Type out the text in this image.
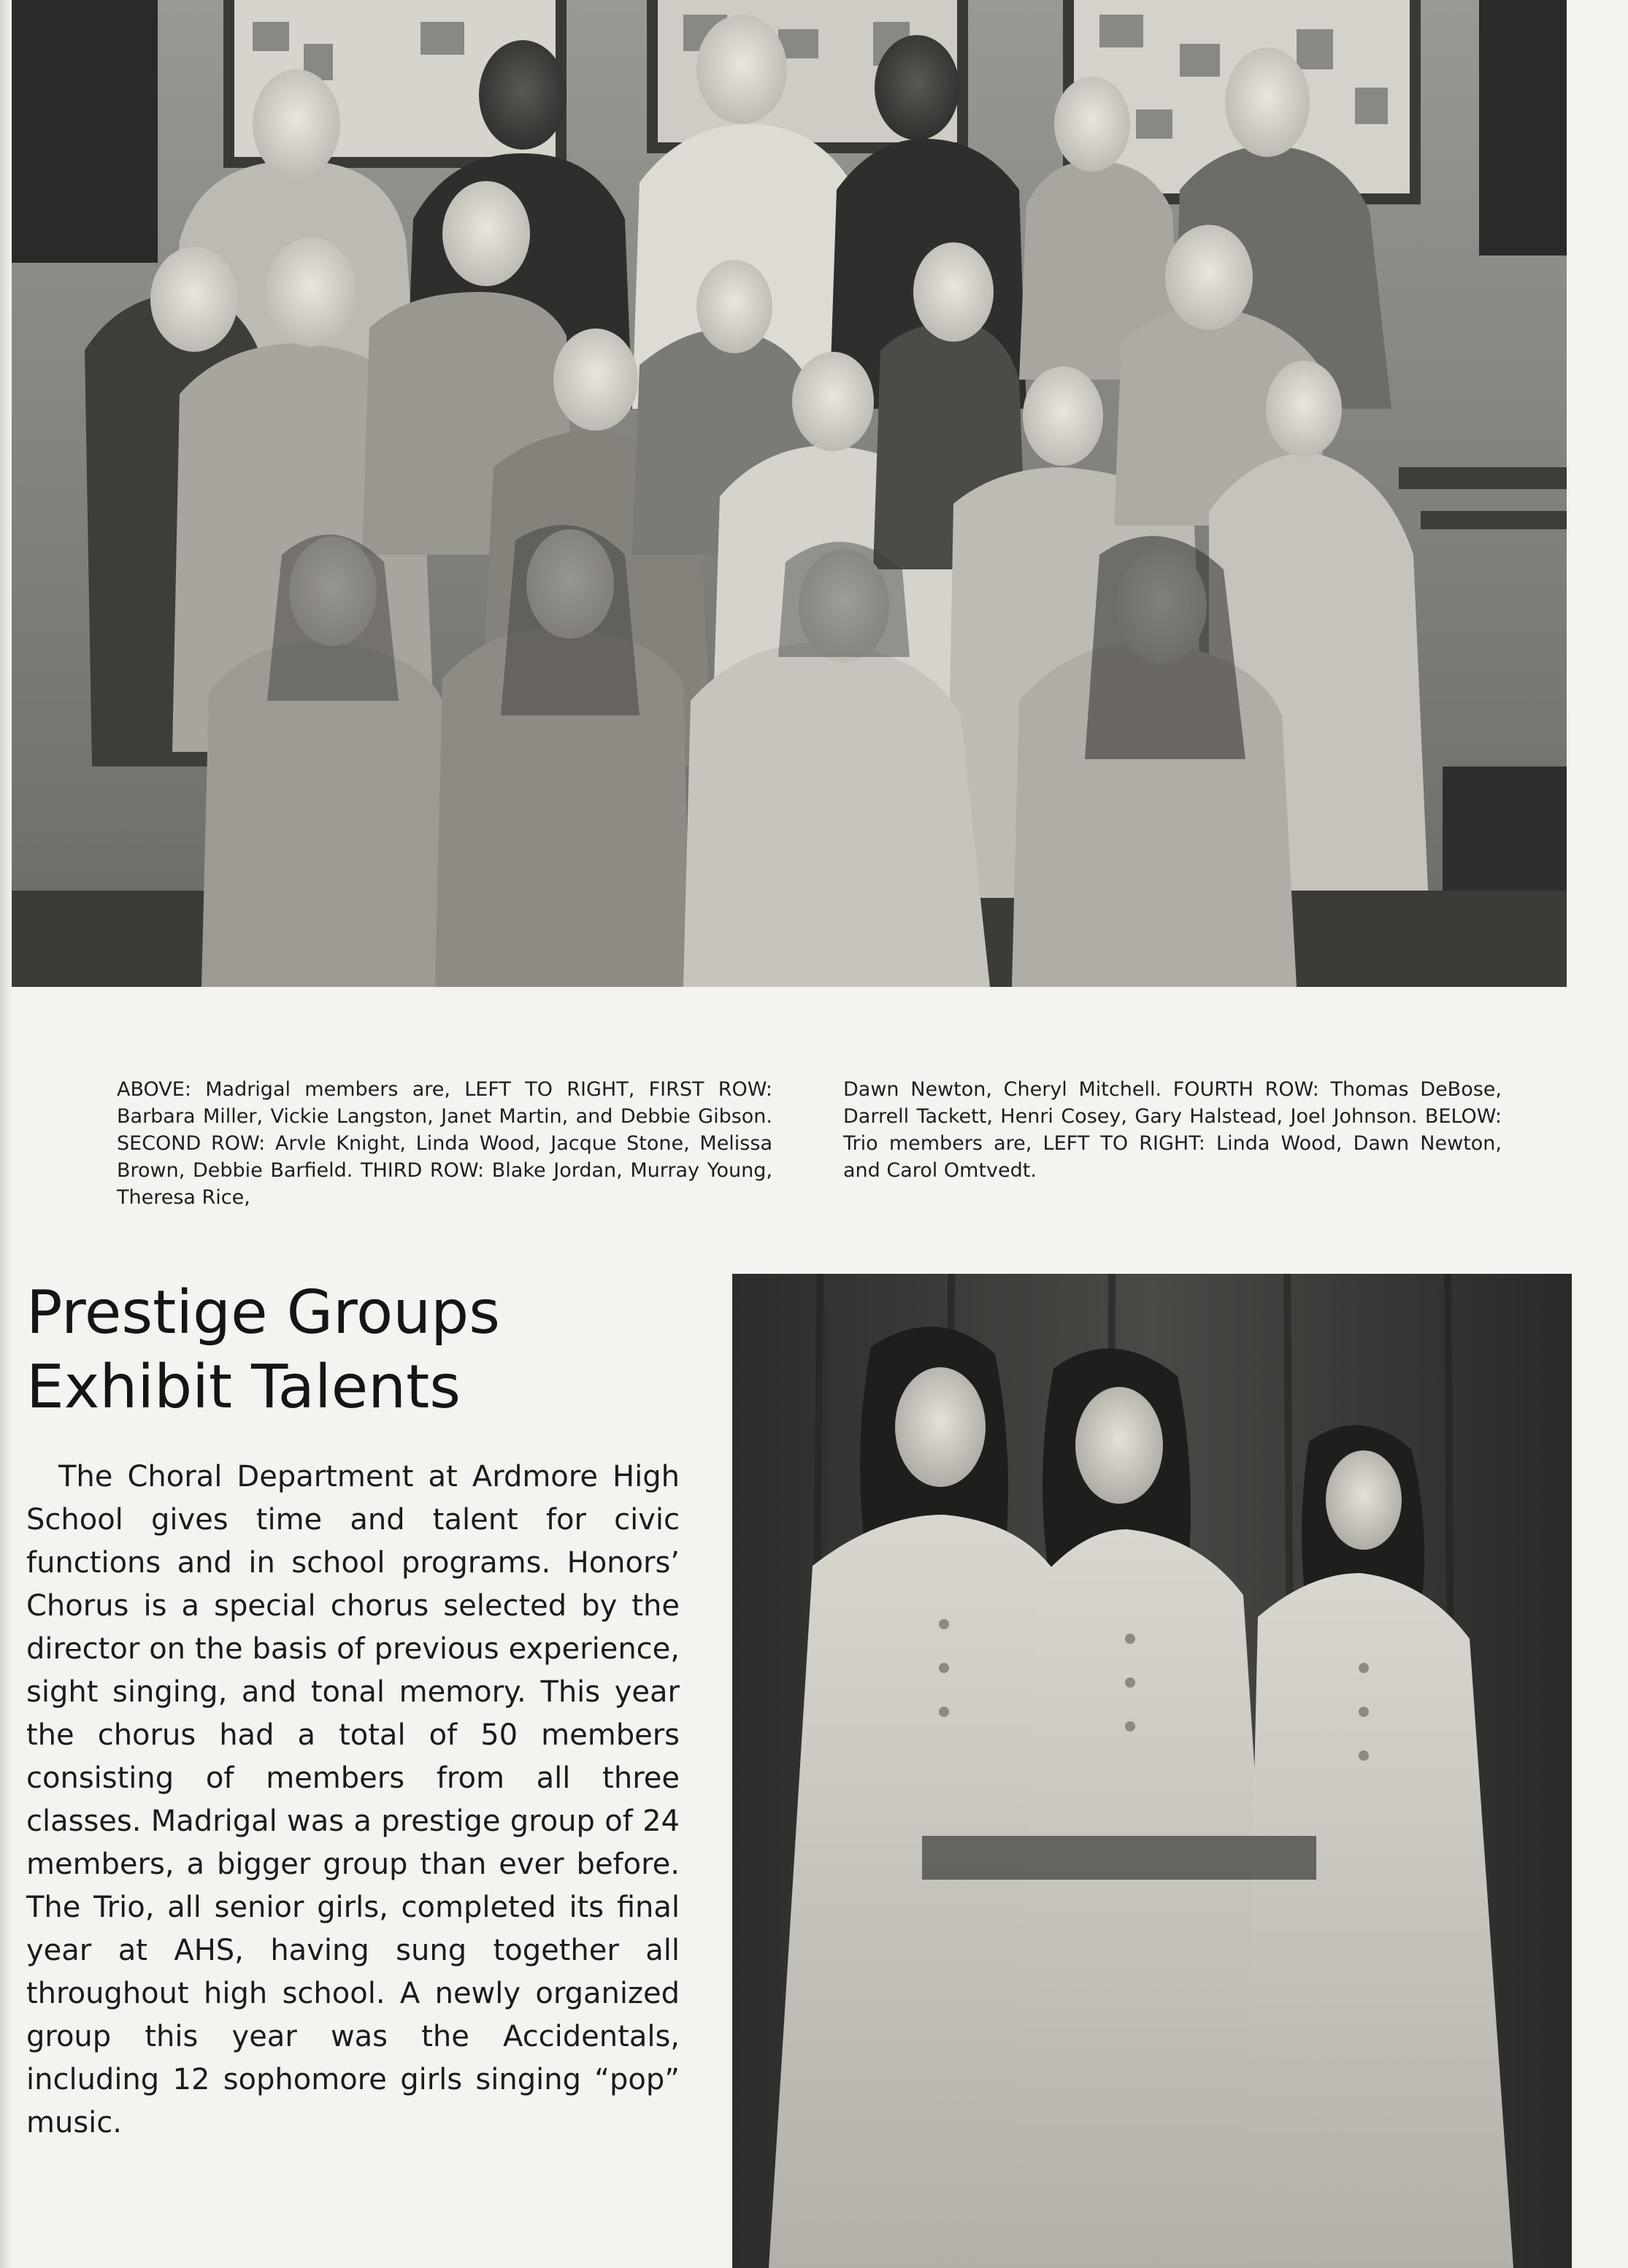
ABOVE: Madrigal members are, LEFT TO RIGHT, FIRST ROW: Barbara Miller, Vickie Langston, Janet Martin, and Debbie Gibson. SECOND ROW: Arvle Knight, Linda Wood, Jacque Stone, Melissa Brown, Debbie Barfield. THIRD ROW: Blake Jordan, Murray Young, Theresa Rice,

Dawn Newton, Cheryl Mitchell. FOURTH ROW: Thomas DeBose, Darrell Tackett, Henri Cosey, Gary Halstead, Joel Johnson. BELOW: Trio members are, LEFT TO RIGHT: Linda Wood, Dawn Newton, and Carol Omtvedt.

Prestige Groups
Exhibit Talents

The Choral Department at Ardmore High School gives time and talent for civic functions and in school programs. Honors’ Chorus is a special chorus selected by the director on the basis of previous experience, sight singing, and tonal memory. This year the chorus had a total of 50 members consisting of members from all three classes. Madrigal was a prestige group of 24 members, a bigger group than ever before. The Trio, all senior girls, completed its final year at AHS, having sung together all throughout high school. A newly organized group this year was the Accidentals, including 12 sophomore girls singing “pop” music.
